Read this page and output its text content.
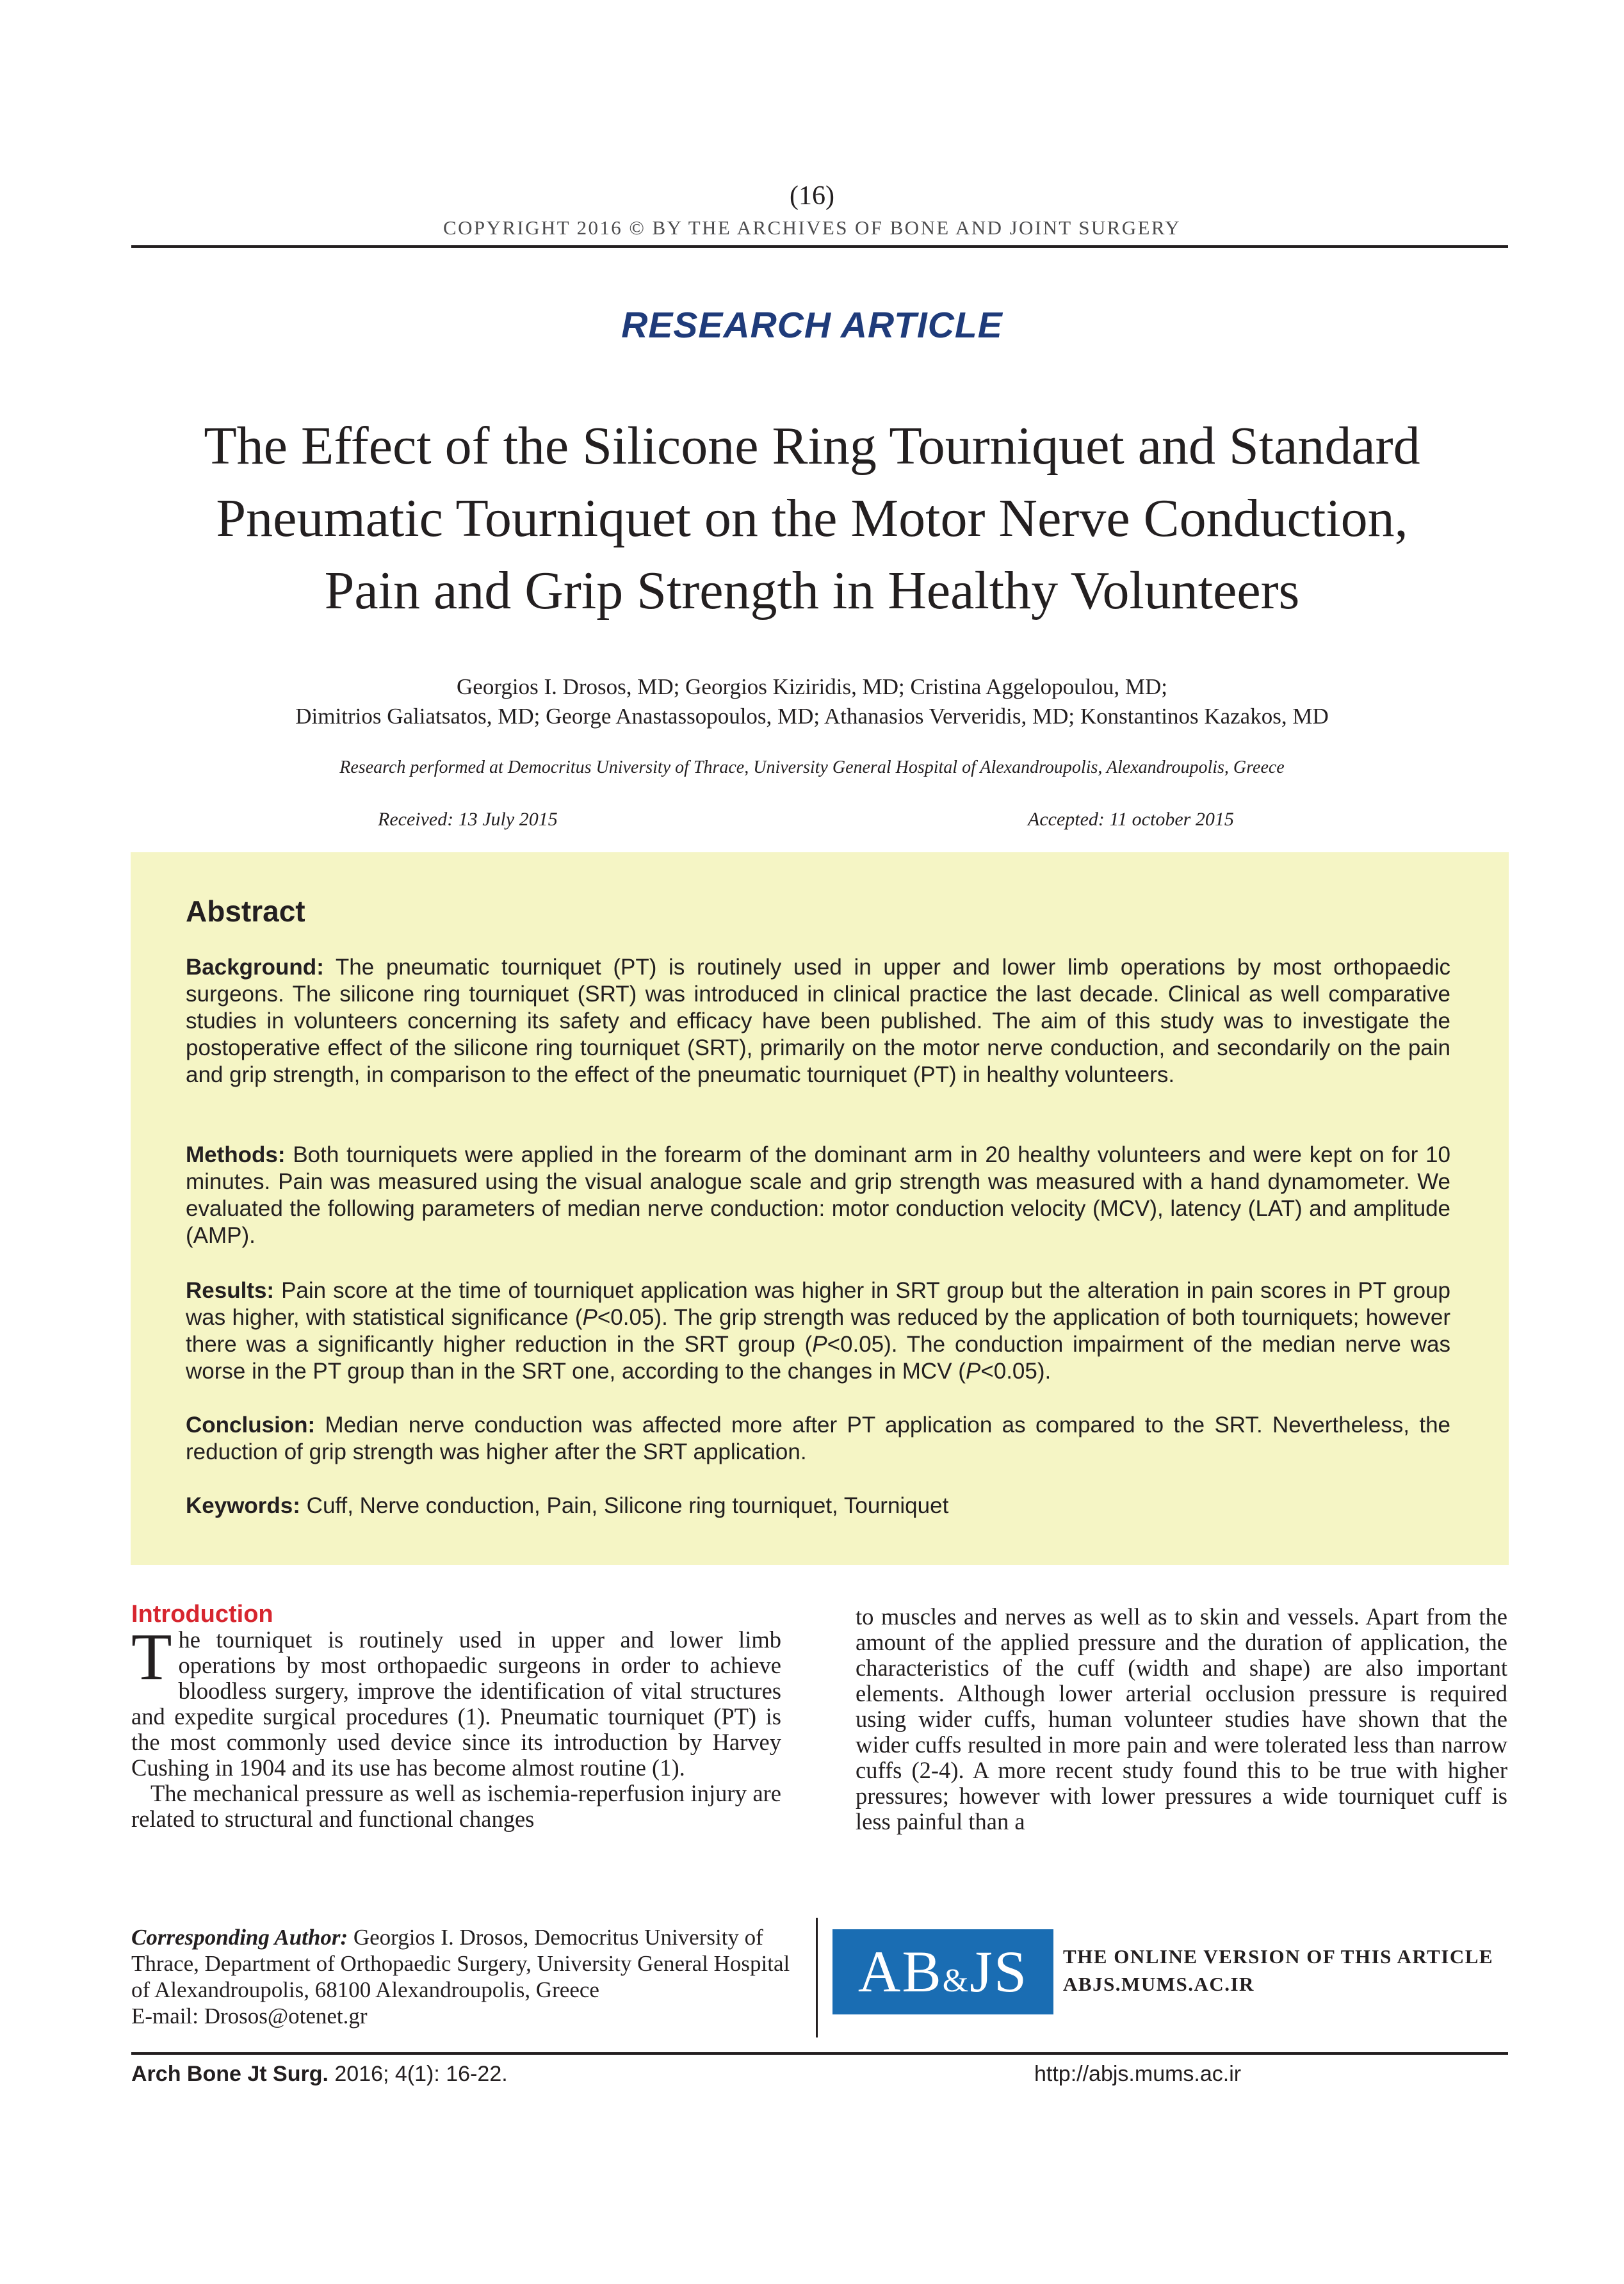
(16)
COPYRIGHT 2016 © BY THE ARCHIVES OF BONE AND JOINT SURGERY
RESEARCH ARTICLE
The Effect of the Silicone Ring Tourniquet and Standard
Pneumatic Tourniquet on the Motor Nerve Conduction,
Pain and Grip Strength in Healthy Volunteers
Georgios I. Drosos, MD; Georgios Kiziridis, MD; Cristina Aggelopoulou, MD;
Dimitrios Galiatsatos, MD; George Anastassopoulos, MD; Athanasios Ververidis, MD; Konstantinos Kazakos, MD
Research performed at Democritus University of Thrace, University General Hospital of Alexandroupolis, Alexandroupolis, Greece
Received: 13 July 2015	Accepted: 11 october 2015
Abstract
Background: The pneumatic tourniquet (PT) is routinely used in upper and lower limb operations by most orthopaedic surgeons. The silicone ring tourniquet (SRT) was introduced in clinical practice the last decade. Clinical as well comparative studies in volunteers concerning its safety and efficacy have been published. The aim of this study was to investigate the postoperative effect of the silicone ring tourniquet (SRT), primarily on the motor nerve conduction, and secondarily on the pain and grip strength, in comparison to the effect of the pneumatic tourniquet (PT) in healthy volunteers.
Methods: Both tourniquets were applied in the forearm of the dominant arm in 20 healthy volunteers and were kept on for 10 minutes. Pain was measured using the visual analogue scale and grip strength was measured with a hand dynamometer. We evaluated the following parameters of median nerve conduction: motor conduction velocity (MCV), latency (LAT) and amplitude (AMP).
Results: Pain score at the time of tourniquet application was higher in SRT group but the alteration in pain scores in PT group was higher, with statistical significance (P<0.05). The grip strength was reduced by the application of both tourniquets; however there was a significantly higher reduction in the SRT group (P<0.05). The conduction impairment of the median nerve was worse in the PT group than in the SRT one, according to the changes in MCV (P<0.05).
Conclusion: Median nerve conduction was affected more after PT application as compared to the SRT. Nevertheless, the reduction of grip strength was higher after the SRT application.
Keywords: Cuff, Nerve conduction, Pain, Silicone ring tourniquet, Tourniquet
Introduction

The tourniquet is routinely used in upper and lower limb operations by most orthopaedic surgeons in order to achieve bloodless surgery, improve the identification of vital structures and expedite surgical procedures (1). Pneumatic tourniquet (PT) is the most commonly used device since its introduction by Harvey Cushing in 1904 and its use has become almost routine (1).

The mechanical pressure as well as ischemia-reperfusion injury are related to structural and functional changes

to muscles and nerves as well as to skin and vessels. Apart from the amount of the applied pressure and the duration of application, the characteristics of the cuff (width and shape) are also important elements. Although lower arterial occlusion pressure is required using wider cuffs, human volunteer studies have shown that the wider cuffs resulted in more pain and were tolerated less than narrow cuffs (2-4). A more recent study found this to be true with higher pressures; however with lower pressures a wide tourniquet cuff is less painful than a

Corresponding Author: Georgios I. Drosos, Democritus University of Thrace, Department of Orthopaedic Surgery, University General Hospital of Alexandroupolis, 68100 Alexandroupolis, Greece
E-mail: Drosos@otenet.gr
AB&JS	THE ONLINE VERSION OF THIS ARTICLE
ABJS.MUMS.AC.IR
Arch Bone Jt Surg. 2016; 4(1): 16-22.	http://abjs.mums.ac.ir
